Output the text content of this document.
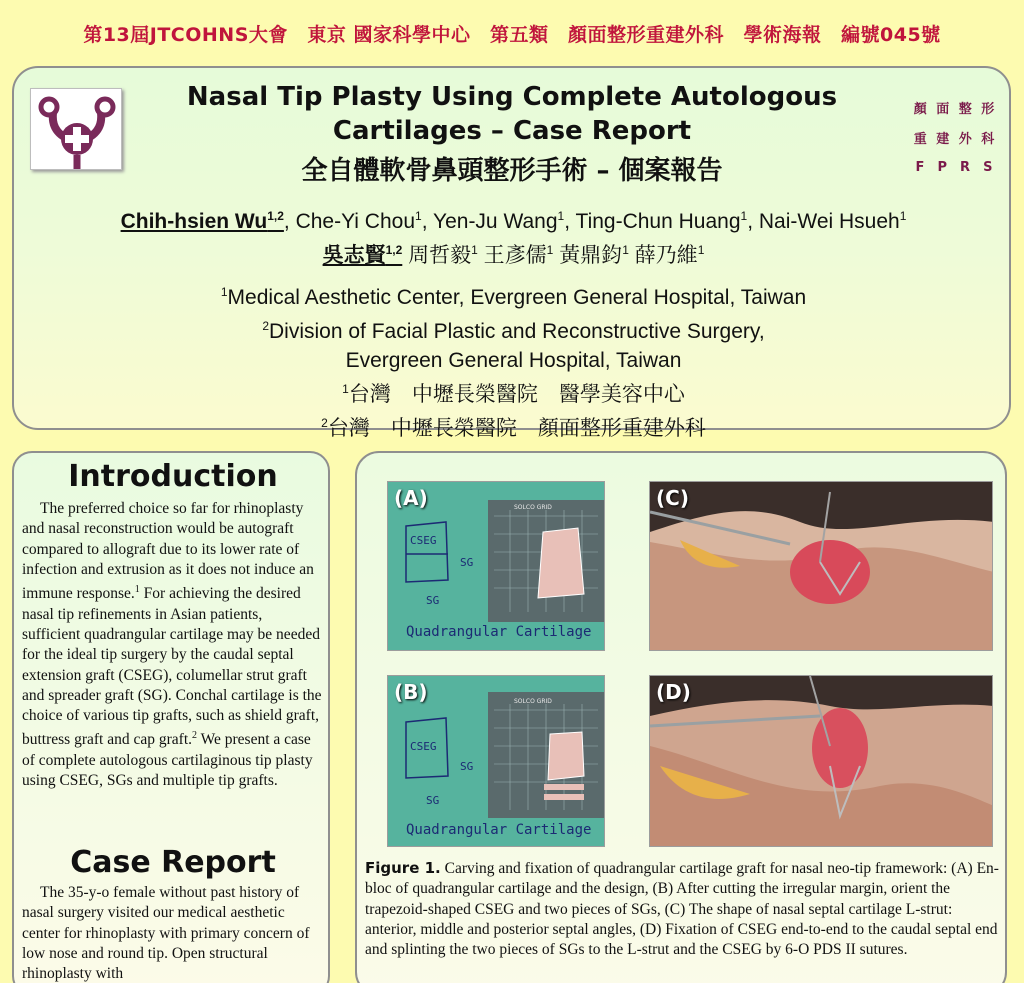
第13屆JTCOHNS大會　東京 國家科學中心　第五類　顏面整形重建外科　學術海報　編號045號
Nasal Tip Plasty Using Complete Autologous
Cartilages – Case Report
全自體軟骨鼻頭整形手術 – 個案報告
顏 面 整 形
重 建 外 科
F P R S
Chih-hsien Wu$^{1,2}$, Che-Yi Chou$^1$, Yen-Ju Wang$^1$, Ting-Chun Huang$^1$, Nai-Wei Hsueh$^1$
吳志賢$^{1,2}$ 周哲毅$^1$ 王彥儒$^1$ 黃鼎鈞$^1$ 薛乃維$^1$
$^1$Medical Aesthetic Center, Evergreen General Hospital, Taiwan
$^2$Division of Facial Plastic and Reconstructive Surgery,
Evergreen General Hospital, Taiwan
$^1$台灣　中壢長榮醫院　醫學美容中心
$^2$台灣　中壢長榮醫院　顏面整形重建外科
Introduction

The preferred choice so far for rhinoplasty and nasal reconstruction would be autograft compared to allograft due to its lower rate of infection and extrusion as it does not induce an immune response.$^1$ For achieving the desired nasal tip refinements in Asian patients, sufficient quadrangular cartilage may be needed for the ideal tip surgery by the caudal septal extension graft (CSEG), columellar strut graft and spreader graft (SG). Conchal cartilage is the choice of various tip grafts, such as shield graft, buttress graft and cap graft.$^2$ We present a case of complete autologous cartilaginous tip plasty using CSEG, SGs and multiple tip grafts.

Case Report

The 35-y-o female without past history of nasal surgery visited our medical aesthetic center for rhinoplasty with primary concern of low nose and round tip. Open structural rhinoplasty with

(A)
CSEG
SG
SG
Quadrangular Cartilage
SOLCO GRID	(C)
(B)
CSEG
SG
SG
Quadrangular Cartilage
SOLCO GRID	(D)

Figure 1. Carving and fixation of quadrangular cartilage graft for nasal neo-tip framework: (A) En-bloc of quadrangular cartilage and the design, (B) After cutting the irregular margin, orient the trapezoid-shaped CSEG and two pieces of SGs, (C) The shape of nasal septal cartilage L-strut: anterior, middle and posterior septal angles, (D) Fixation of CSEG end-to-end to the caudal septal end and splinting the two pieces of SGs to the L-strut and the CSEG by 6-O PDS II sutures.
